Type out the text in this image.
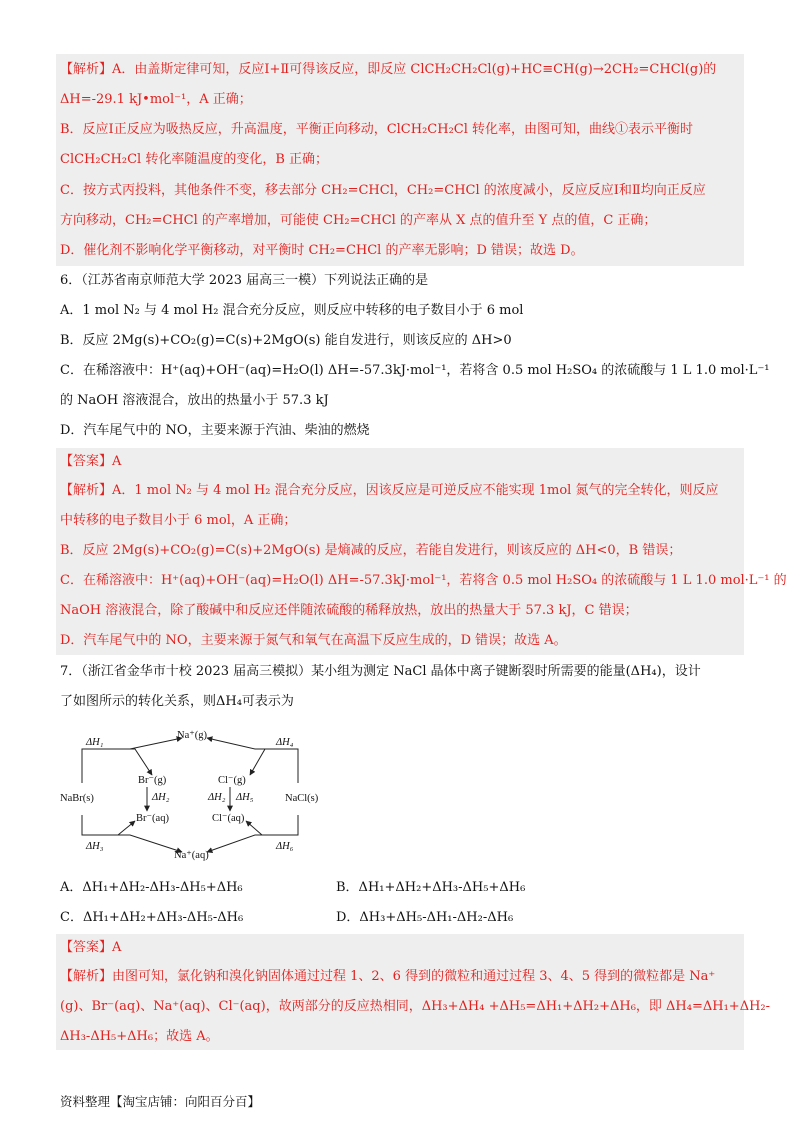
【解析】A．由盖斯定律可知，反应Ⅰ+Ⅱ可得该反应，即反应 ClCH₂CH₂Cl(g)+HC≡CH(g)→2CH₂=CHCl(g)的
ΔH=-29.1 kJ•mol⁻¹，A 正确；
B．反应Ⅰ正反应为吸热反应，升高温度，平衡正向移动，ClCH₂CH₂Cl 转化率，由图可知，曲线①表示平衡时
ClCH₂CH₂Cl 转化率随温度的变化，B 正确；
C．按方式丙投料，其他条件不变，移去部分 CH₂=CHCl，CH₂=CHCl 的浓度减小，反应反应Ⅰ和Ⅱ均向正反应
方向移动，CH₂=CHCl 的产率增加，可能使 CH₂=CHCl 的产率从 X 点的值升至 Y 点的值，C 正确；
D．催化剂不影响化学平衡移动，对平衡时 CH₂=CHCl 的产率无影响；D 错误；故选 D。
6．（江苏省南京师范大学 2023 届高三一模）下列说法正确的是
A．1 mol N₂ 与 4 mol H₂ 混合充分反应，则反应中转移的电子数目小于 6 mol
B．反应 2Mg(s)+CO₂(g)=C(s)+2MgO(s) 能自发进行，则该反应的 ΔH>0
C．在稀溶液中：H⁺(aq)+OH⁻(aq)=H₂O(l) ΔH=-57.3kJ·mol⁻¹，若将含 0.5 mol H₂SO₄ 的浓硫酸与 1 L 1.0 mol·L⁻¹
的 NaOH 溶液混合，放出的热量小于 57.3 kJ
D．汽车尾气中的 NO，主要来源于汽油、柴油的燃烧
【答案】A
【解析】A．1 mol N₂ 与 4 mol H₂ 混合充分反应，因该反应是可逆反应不能实现 1mol 氮气的完全转化，则反应
中转移的电子数目小于 6 mol，A 正确；
B．反应 2Mg(s)+CO₂(g)=C(s)+2MgO(s) 是熵减的反应，若能自发进行，则该反应的 ΔH<0，B 错误；
C．在稀溶液中：H⁺(aq)+OH⁻(aq)=H₂O(l) ΔH=-57.3kJ·mol⁻¹，若将含 0.5 mol H₂SO₄ 的浓硫酸与 1 L 1.0 mol·L⁻¹ 的
NaOH 溶液混合，除了酸碱中和反应还伴随浓硫酸的稀释放热，放出的热量大于 57.3 kJ，C 错误；
D．汽车尾气中的 NO，主要来源于氮气和氧气在高温下反应生成的，D 错误；故选 A。
7．（浙江省金华市十校 2023 届高三模拟）某小组为测定 NaCl 晶体中离子键断裂时所需要的能量(ΔH₄)，设计
了如图所示的转化关系，则ΔH₄可表示为
ΔH₁	ΔH₄
ΔH₂	ΔH₂ ΔH₅
ΔH₃	ΔH₆
Na⁺(g)
Br⁻(g)	Cl⁻(g)
Br⁻(aq)	Cl⁻(aq)
NaBr(s)	NaCl(s)
Na⁺(aq)
A．ΔH₁+ΔH₂-ΔH₃-ΔH₅+ΔH₆	B．ΔH₁+ΔH₂+ΔH₃-ΔH₅+ΔH₆
C．ΔH₁+ΔH₂+ΔH₃-ΔH₅-ΔH₆	D．ΔH₃+ΔH₅-ΔH₁-ΔH₂-ΔH₆
【答案】A
【解析】由图可知，氯化钠和溴化钠固体通过过程 1、2、6 得到的微粒和通过过程 3、4、5 得到的微粒都是 Na⁺
(g)、Br⁻(aq)、Na⁺(aq)、Cl⁻(aq)，故两部分的反应热相同，ΔH₃+ΔH₄ +ΔH₅=ΔH₁+ΔH₂+ΔH₆，即 ΔH₄=ΔH₁+ΔH₂-
ΔH₃-ΔH₅+ΔH₆；故选 A。
资料整理【淘宝店铺：向阳百分百】
